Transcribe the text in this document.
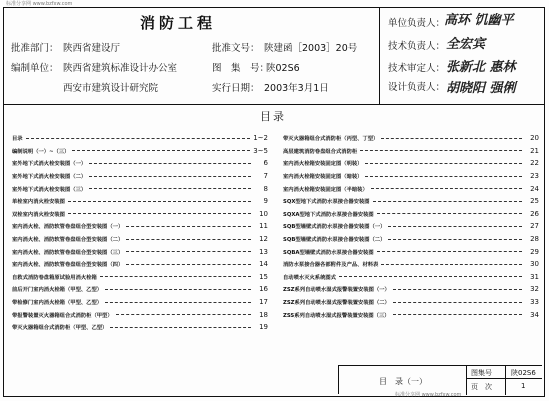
标准分享网 www.bzfxw.com
消防工程
批准部门： 陕西省建设厅	批准文号： 陕建函［2003］20号
编制单位： 陕西省建筑标准设计办公室	图　集　号：
陕02S6
西安市建筑设计研究院	实行日期： 2003年3月1日
单位负责人：
高环 饥幽平
技术负责人： 全宏宾
技术审定人： 张新北 惠林
设计负责人： 胡晓阳 强俐
目录
目录	1~2
编制说明（一）~（三）	3~5
室外地下式消火栓安装图（一）	6
室外地下式消火栓安装图（二）	7
室外地下式消火栓安装图（三）	8
单栓室内消火栓安装图	9
双栓室内消火栓安装图	10
室内消火栓、消防软管卷盘组合型安装图（一）	11
室内消火栓、消防软管卷盘组合型安装图（二）	12
室内消火栓、消防软管卷盘组合型安装图（三）	13
室内消火栓、消防软管卷盘组合型安装图（四）	14
自救式消防卷盘箱原试验用消火栓箱	15
前后开门室内消火栓箱（甲型、乙型）	16
带检修门室内消火栓箱（甲型、乙型）	17
带报警装置灭火器箱组合式消防柜（甲型）	18
带灭火器箱组合式消防柜（甲型、乙型）	19
带灭火器箱组合式消防柜（丙型、丁型）	20
高层建筑消防卷盘组合式消防柜	21
室内消火栓箱安装固定图（明装）	22
室内消火栓箱安装固定图（暗装）	23
室内消火栓箱安装固定图（半暗装）	24
SQX型地下式消防水泵接合器安装图	25
SQXA型地下式消防水泵接合器安装图	26
SQB型墙壁式消防水泵接合器安装图（一）	27
SQB型墙壁式消防水泵接合器安装图（二）	28
SQBA型墙壁式消防水泵接合器安装图	29
消防水泵接合器各部附件及产品、材料表	30
自动喷水灭火系统图式	31
ZSZ系列自动喷水湿式报警装置安装图（一）	32
ZSZ系列自动喷水湿式报警装置安装图（二）	33
ZSS系列自动喷水湿式报警装置安装图（三）	34
目　录（一）
图集号	陕02S6
页　次	1
标准分享网 www.bzfxw.com
